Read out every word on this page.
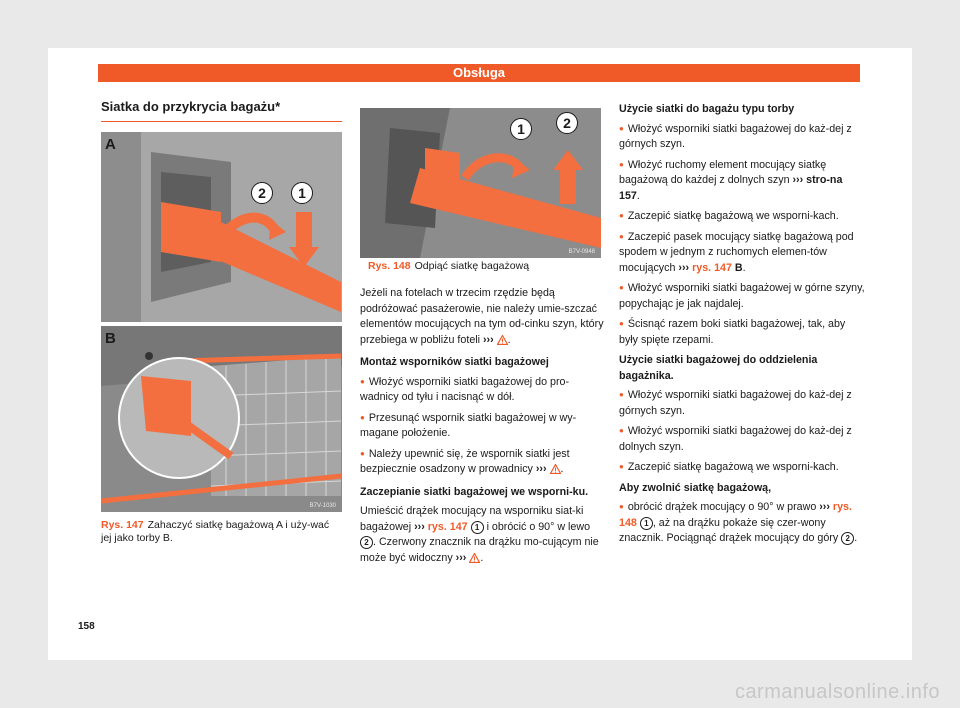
Obsługa
Siatka do przykrycia bagażu*
A
2	1
B
B7V-1030
Rys. 147 Zahaczyć siatkę bagażową A i uży-wać jej jako torby B.
1	2
B7V-0948
Rys. 148 Odpiąć siatkę bagażową

Jeżeli na fotelach w trzecim rzędzie będą podróżować pasażerowie, nie należy umie-szczać elementów mocujących na tym od-cinku szyn, który przebiega w pobliżu foteli ››› .

Montaż wsporników siatki bagażowej

● Włożyć wsporniki siatki bagażowej do pro-wadnicy od tyłu i nacisnąć w dół.

● Przesunąć wspornik siatki bagażowej w wy-magane położenie.

● Należy upewnić się, że wspornik siatki jest bezpiecznie osadzony w prowadnicy ››› .

Zaczepianie siatki bagażowej we wsporni-ku.

Umieścić drążek mocujący na wsporniku siat-ki bagażowej ››› rys. 147 1 i obrócić o 90° w lewo 2 . Czerwony znacznik na drążku mo-cującym nie może być widoczny ››› .

Użycie siatki do bagażu typu torby

● Włożyć wsporniki siatki bagażowej do każ-dej z górnych szyn.

● Włożyć ruchomy element mocujący siatkę bagażową do każdej z dolnych szyn ››› stro-na 157.

● Zaczepić siatkę bagażową we wsporni-kach.

● Zaczepić pasek mocujący siatkę bagażową pod spodem w jednym z ruchomych elemen-tów mocujących ››› rys. 147 B.

● Włożyć wsporniki siatki bagażowej w górne szyny, popychając je jak najdalej.

● Ścisnąć razem boki siatki bagażowej, tak, aby były spięte rzepami.

Użycie siatki bagażowej do oddzielenia bagażnika.

● Włożyć wsporniki siatki bagażowej do każ-dej z górnych szyn.

● Włożyć wsporniki siatki bagażowej do każ-dej z dolnych szyn.

● Zaczepić siatkę bagażową we wsporni-kach.

Aby zwolnić siatkę bagażową,

● obrócić drążek mocujący o 90° w prawo ››› rys. 148 1 , aż na drążku pokaże się czer-wony znacznik. Pociągnąć drążek mocujący do góry 2 .

158
carmanualsonline.info
